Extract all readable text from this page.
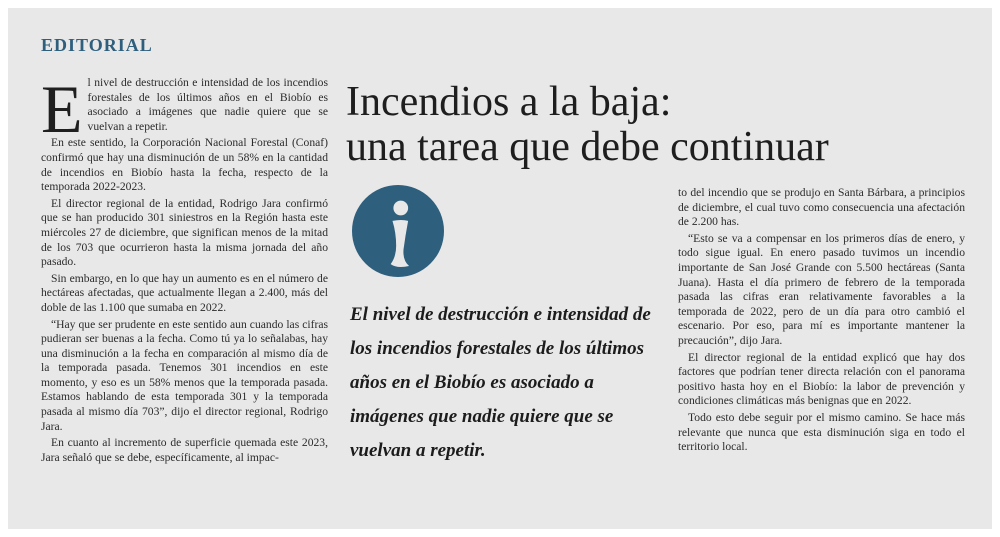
EDITORIAL

El nivel de destrucción e intensidad de los incendios forestales de los últimos años en el Biobío es asociado a imágenes que nadie quiere que se vuelvan a repetir.

En este sentido, la Corporación Nacional Forestal (Conaf) confirmó que hay una disminución de un 58% en la cantidad de incendios en Biobío hasta la fecha, respecto de la temporada 2022-2023.

El director regional de la entidad, Rodrigo Jara confirmó que se han producido 301 siniestros en la Región hasta este miércoles 27 de diciembre, que significan menos de la mitad de los 703 que ocurrieron hasta la misma jornada del año pasado.

Sin embargo, en lo que hay un aumento es en el número de hectáreas afectadas, que actualmente llegan a 2.400, más del doble de las 1.100 que sumaba en 2022.

“Hay que ser prudente en este sentido aun cuando las cifras pudieran ser buenas a la fecha. Como tú ya lo señalabas, hay una disminución a la fecha en comparación al mismo día de la temporada pasada. Tenemos 301 incendios en este momento, y eso es un 58% menos que la temporada pasada. Estamos hablando de esta temporada 301 y la temporada pasada al mismo día 703”, dijo el director regional, Rodrigo Jara.

En cuanto al incremento de superficie quemada este 2023, Jara señaló que se debe, específicamente, al impac-

Incendios a la baja:
una tarea que debe continuar

El nivel de destrucción e intensidad de los incendios forestales de los últimos años en el Biobío es asociado a imágenes que nadie quiere que se vuelvan a repetir.

to del incendio que se produjo en Santa Bárbara, a principios de diciembre, el cual tuvo como consecuencia una afectación de 2.200 has.

“Esto se va a compensar en los primeros días de enero, y todo sigue igual. En enero pasado tuvimos un incendio importante de San José Grande con 5.500 hectáreas (Santa Juana). Hasta el día primero de febrero de la temporada pasada las cifras eran relativamente favorables a la temporada de 2022, pero de un día para otro cambió el escenario. Por eso, para mí es importante mantener la precaución”, dijo Jara.

El director regional de la entidad explicó que hay dos factores que podrían tener directa relación con el panorama positivo hasta hoy en el Biobío: la labor de prevención y condiciones climáticas más benignas que en 2022.

Todo esto debe seguir por el mismo camino. Se hace más relevante que nunca que esta disminución siga en todo el territorio local.
